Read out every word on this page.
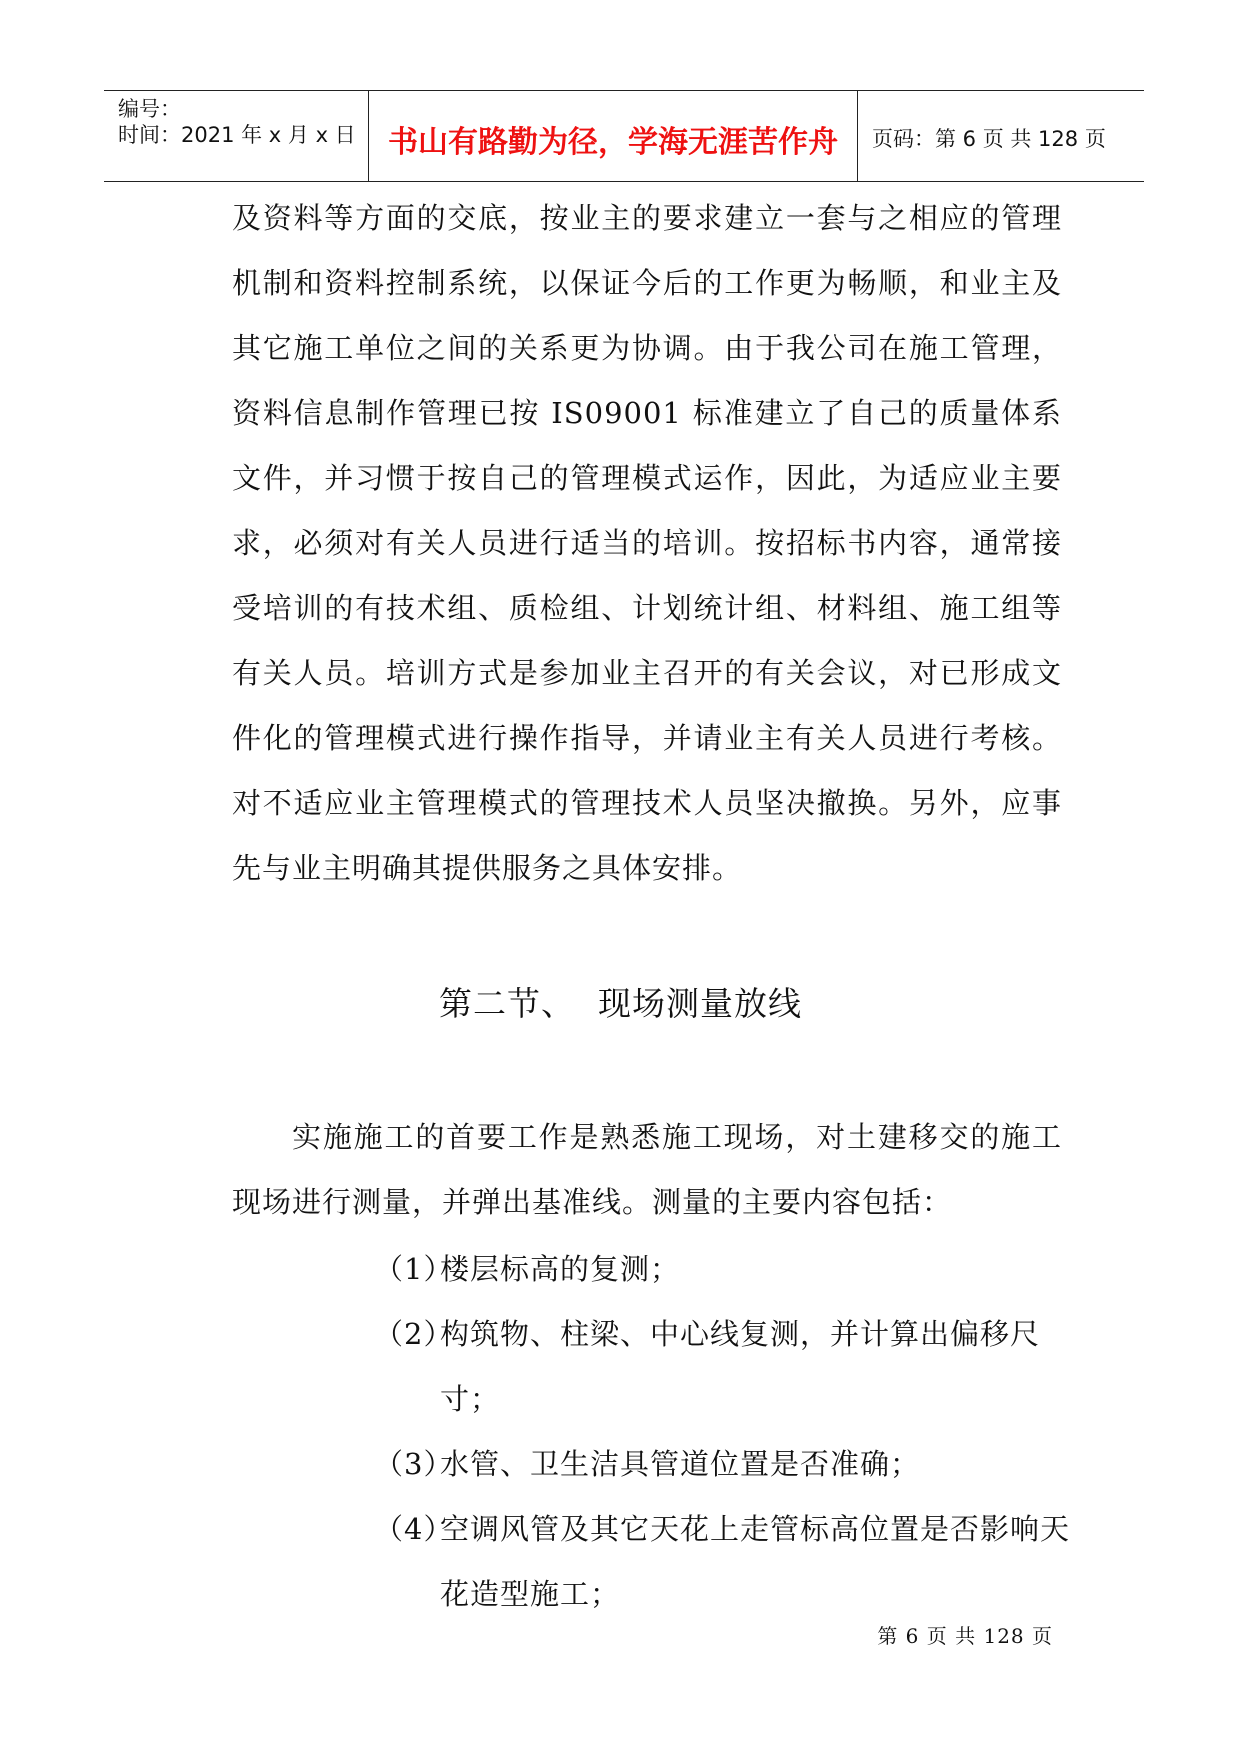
编号：
时间：2021 年 x 月 x 日	书山有路勤为径，学海无涯苦作舟	页码：第 6 页 共 128 页

及资料等方面的交底，按业主的要求建立一套与之相应的管理机制和资料控制系统，以保证今后的工作更为畅顺，和业主及其它施工单位之间的关系更为协调。由于我公司在施工管理，资料信息制作管理已按 IS09001 标准建立了自己的质量体系文件，并习惯于按自己的管理模式运作，因此，为适应业主要求，必须对有关人员进行适当的培训。按招标书内容，通常接受培训的有技术组、质检组、计划统计组、材料组、施工组等有关人员。培训方式是参加业主召开的有关会议，对已形成文件化的管理模式进行操作指导，并请业主有关人员进行考核。对不适应业主管理模式的管理技术人员坚决撤换。另外，应事先与业主明确其提供服务之具体安排。

第二节、  现场测量放线

实施施工的首要工作是熟悉施工现场，对土建移交的施工现场进行测量，并弹出基准线。测量的主要内容包括：

（1）
楼层标高的复测；
（2）
构筑物、柱梁、中心线复测，并计算出偏移尺寸；
（3）
水管、卫生洁具管道位置是否准确；
（4）
空调风管及其它天花上走管标高位置是否影响天花造型施工；
第 6 页 共 128 页
